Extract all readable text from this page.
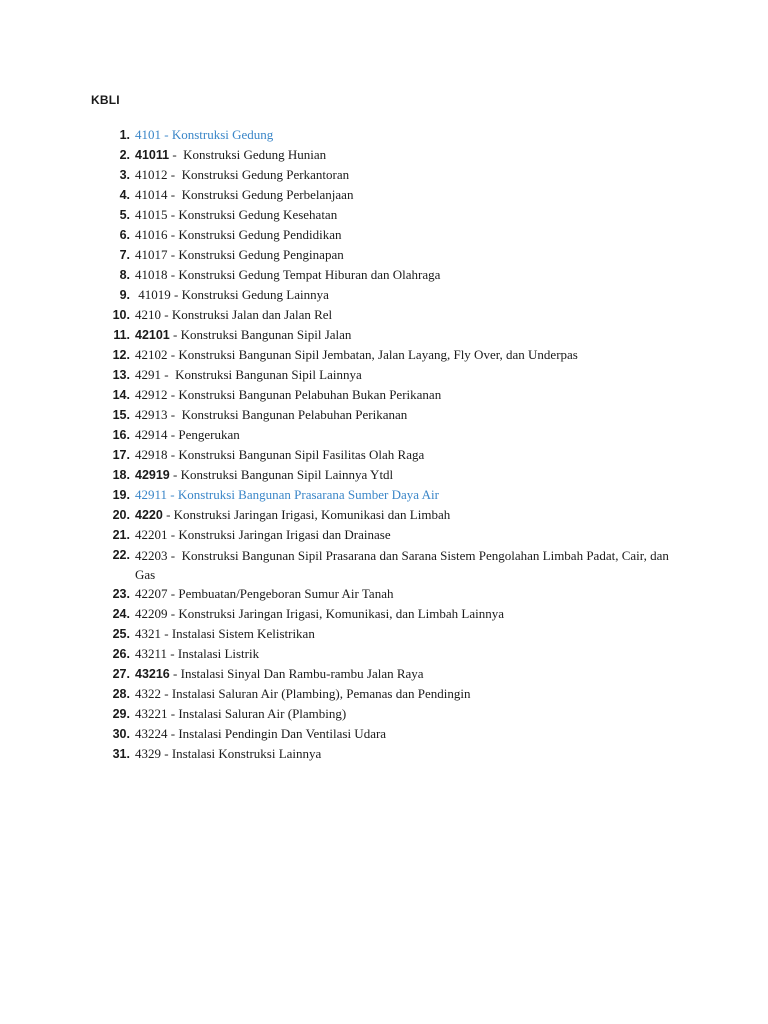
KBLI
1. 4101 - Konstruksi Gedung
2. 41011 -  Konstruksi Gedung Hunian
3. 41012 -  Konstruksi Gedung Perkantoran
4. 41014 -  Konstruksi Gedung Perbelanjaan
5. 41015 - Konstruksi Gedung Kesehatan
6. 41016 - Konstruksi Gedung Pendidikan
7. 41017 - Konstruksi Gedung Penginapan
8. 41018 - Konstruksi Gedung Tempat Hiburan dan Olahraga
9. 41019 - Konstruksi Gedung Lainnya
10. 4210 - Konstruksi Jalan dan Jalan Rel
11. 42101 - Konstruksi Bangunan Sipil Jalan
12. 42102 - Konstruksi Bangunan Sipil Jembatan, Jalan Layang, Fly Over, dan Underpas
13. 4291 -  Konstruksi Bangunan Sipil Lainnya
14. 42912 - Konstruksi Bangunan Pelabuhan Bukan Perikanan
15. 42913 -  Konstruksi Bangunan Pelabuhan Perikanan
16. 42914 - Pengerukan
17. 42918 - Konstruksi Bangunan Sipil Fasilitas Olah Raga
18. 42919 - Konstruksi Bangunan Sipil Lainnya Ytdl
19. 42911 - Konstruksi Bangunan Prasarana Sumber Daya Air
20. 4220 - Konstruksi Jaringan Irigasi, Komunikasi dan Limbah
21. 42201 - Konstruksi Jaringan Irigasi dan Drainase
22. 42203 -  Konstruksi Bangunan Sipil Prasarana dan Sarana Sistem Pengolahan Limbah Padat, Cair, dan Gas
23. 42207 - Pembuatan/Pengeboran Sumur Air Tanah
24. 42209 - Konstruksi Jaringan Irigasi, Komunikasi, dan Limbah Lainnya
25. 4321 - Instalasi Sistem Kelistrikan
26. 43211 - Instalasi Listrik
27. 43216 - Instalasi Sinyal Dan Rambu-rambu Jalan Raya
28. 4322 - Instalasi Saluran Air (Plambing), Pemanas dan Pendingin
29. 43221 - Instalasi Saluran Air (Plambing)
30. 43224 - Instalasi Pendingin Dan Ventilasi Udara
31. 4329 - Instalasi Konstruksi Lainnya
